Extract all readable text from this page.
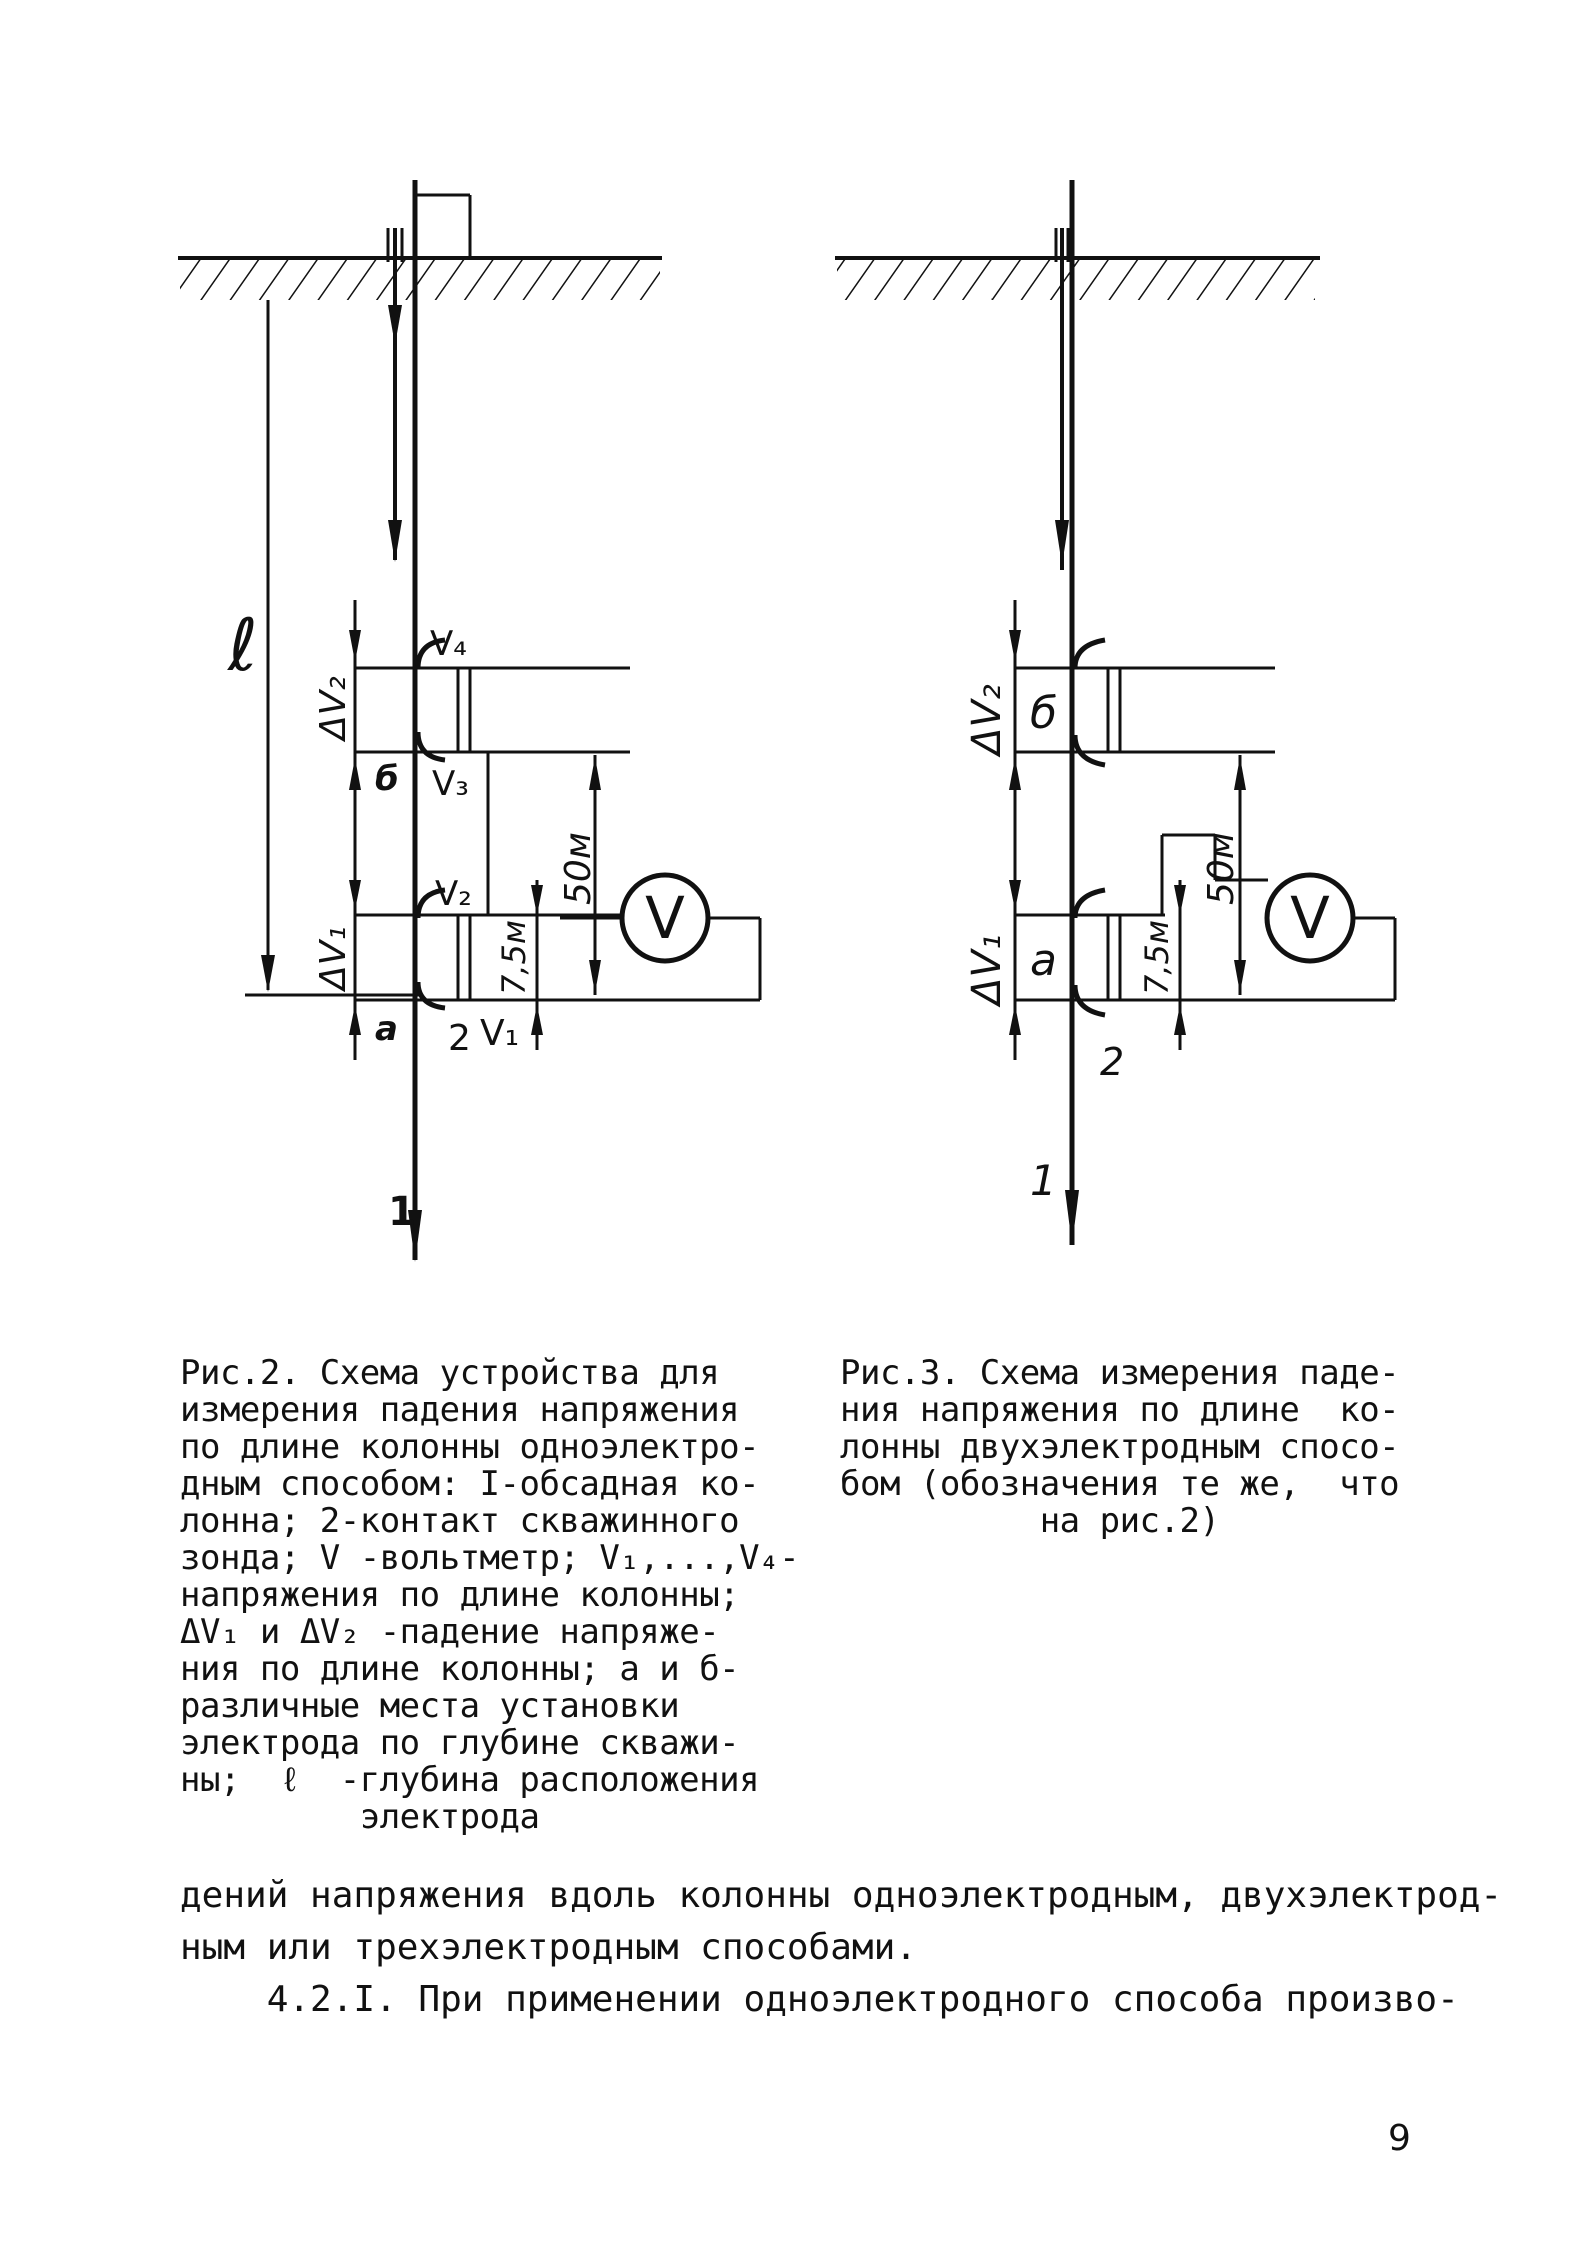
ℓ
V
ΔV₂
ΔV₁
б
а
V₄
V₃
V₂
2 V₁
1
50м
7,5м
V
ΔV₂
ΔV₁
б
а
2
1
50м
7,5м
Рис.2. Схема устройства для
измерения падения напряжения
по длине колонны одноэлектро-
дным способом: I-обсадная ко-
лонна; 2-контакт скважинного
зонда; V -вольтметр; V₁,...,V₄-
напряжения по длине колонны;
ΔV₁ и ΔV₂ -падение напряже-
ния по длине колонны; а и б-
различные места установки
электрода по глубине скважи-
ны;  ℓ  -глубина расположения
электрода
Рис.3. Схема измерения паде-
ния напряжения по длине  ко-
лонны двухэлектродным спосо-
бом (обозначения те же,  что
на рис.2)
дений напряжения вдоль колонны одноэлектродным, двухэлектрод-
ным или трехэлектродным способами.
4.2.I. При применении одноэлектродного способа произво-
9
